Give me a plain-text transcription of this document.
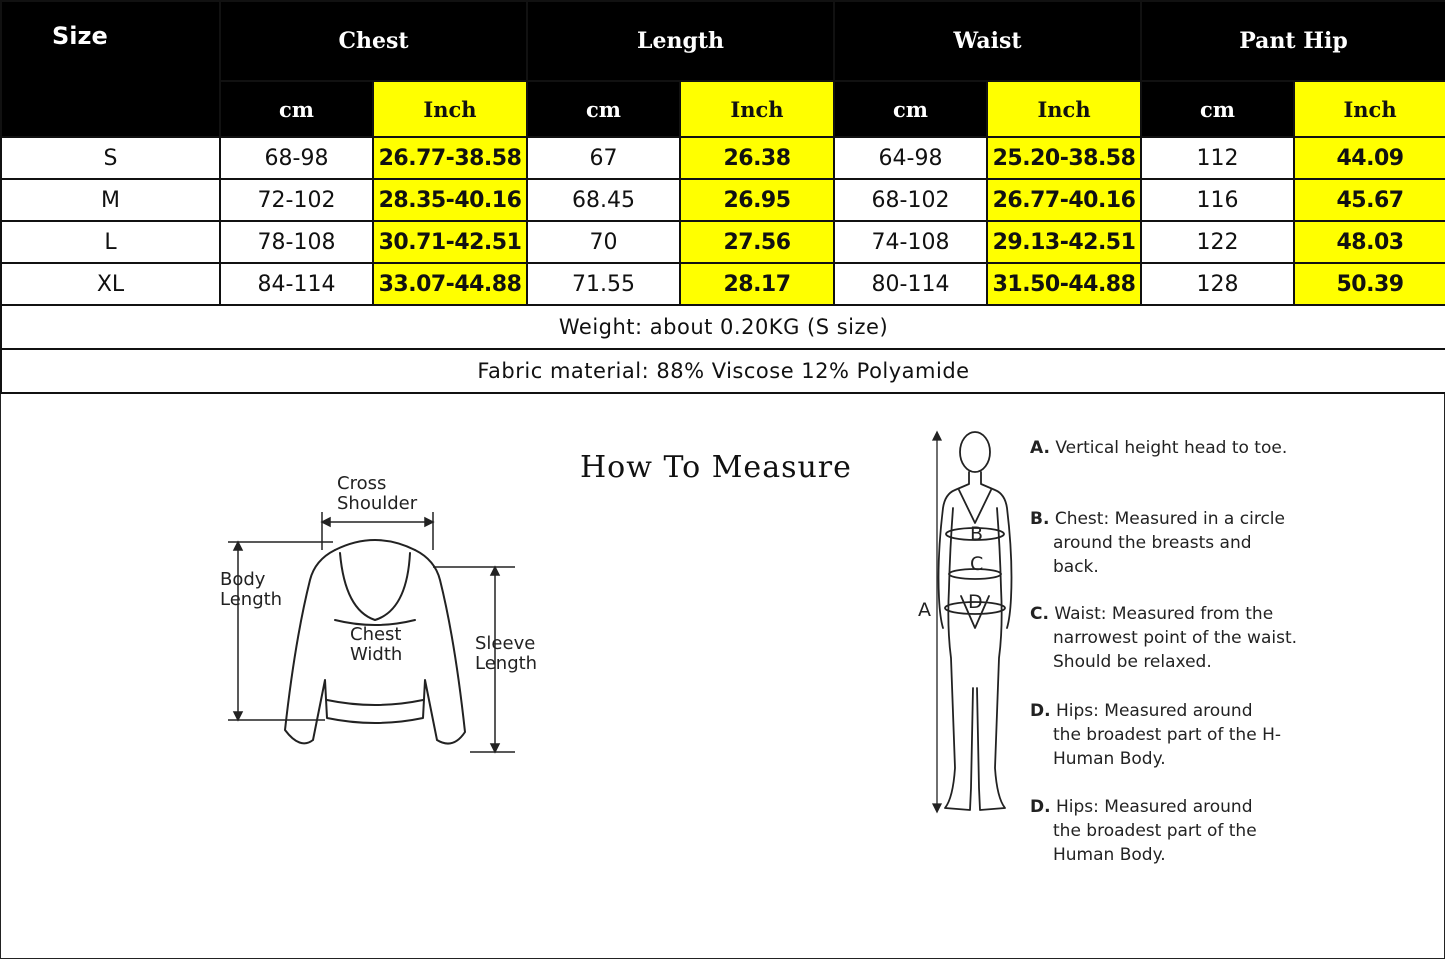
Size	Chest		Length		Waist		Pant Hip	
	cm	Inch	cm	Inch	cm	Inch	cm	Inch
S	68-98	26.77-38.58	67	26.38	64-98	25.20-38.58	112	44.09
M	72-102	28.35-40.16	68.45	26.95	68-102	26.77-40.16	116	45.67
L	78-108	30.71-42.51	70	27.56	74-108	29.13-42.51	122	48.03
XL	84-114	33.07-44.88	71.55	28.17	80-114	31.50-44.88	128	50.39
Weight: about 0.20KG (S size)								
Fabric material: 88% Viscose 12% Polyamide								
How To Measure
Cross
Shoulder
Body
Length
Chest
Width
Sleeve
Length
A
B
C
D
A. Vertical height head to toe.
B. Chest: Measured in a circle
around the breasts and
back.
C. Waist: Measured from the
narrowest point of the waist.
Should be relaxed.
D. Hips: Measured around
the broadest part of the H-
Human Body.
D. Hips: Measured around
the broadest part of the
Human Body.
